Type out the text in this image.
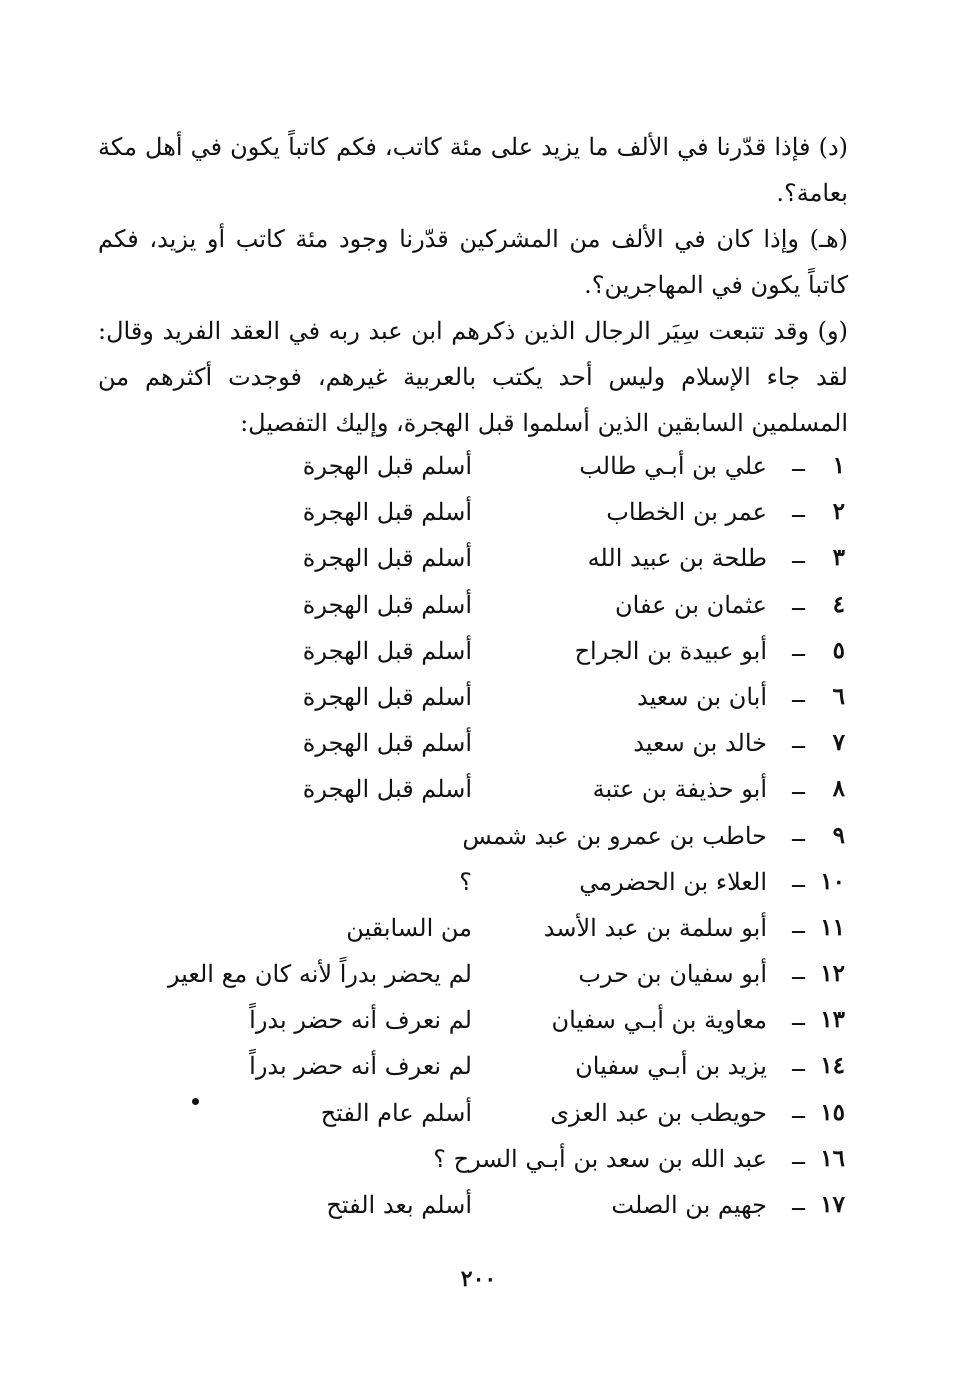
(د) فإذا قدّرنا في الألف ما يزيد على مئة كاتب، فكم كاتباً يكون في أهل مكة بعامة؟.

(هـ) وإذا كان في الألف من المشركين قدّرنا وجود مئة كاتب أو يزيد، فكم كاتباً يكون في المهاجرين؟.

(و) وقد تتبعت سِيَر الرجال الذين ذكرهم ابن عبد ربه في العقد الفريد وقال: لقد جاء الإسلام وليس أحد يكتب بالعربية غيرهم، فوجدت أكثرهم من المسلمين السابقين الذين أسلموا قبل الهجرة، وإليك التفصيل:

١
ــ
علي بن أبـي طالب
أسلم قبل الهجرة
٢
ــ
عمر بن الخطاب
أسلم قبل الهجرة
٣
ــ
طلحة بن عبيد الله
أسلم قبل الهجرة
٤
ــ
عثمان بن عفان
أسلم قبل الهجرة
٥
ــ
أبو عبيدة بن الجراح
أسلم قبل الهجرة
٦
ــ
أبان بن سعيد
أسلم قبل الهجرة
٧
ــ
خالد بن سعيد
أسلم قبل الهجرة
٨
ــ
أبو حذيفة بن عتبة
أسلم قبل الهجرة
٩
ــ
حاطب بن عمرو بن عبد شمس
١٠
ــ
العلاء بن الحضرمي
؟
١١
ــ
أبو سلمة بن عبد الأسد
من السابقين
١٢
ــ
أبو سفيان بن حرب
لم يحضر بدراً لأنه كان مع العير
١٣
ــ
معاوية بن أبـي سفيان
لم نعرف أنه حضر بدراً
١٤
ــ
يزيد بن أبـي سفيان
لم نعرف أنه حضر بدراً
١٥
ــ
حويطب بن عبد العزى
أسلم عام الفتح
١٦
ــ
عبد الله بن سعد بن أبـي السرح ؟
١٧
ــ
جهيم بن الصلت
أسلم بعد الفتح
٢٠٠
